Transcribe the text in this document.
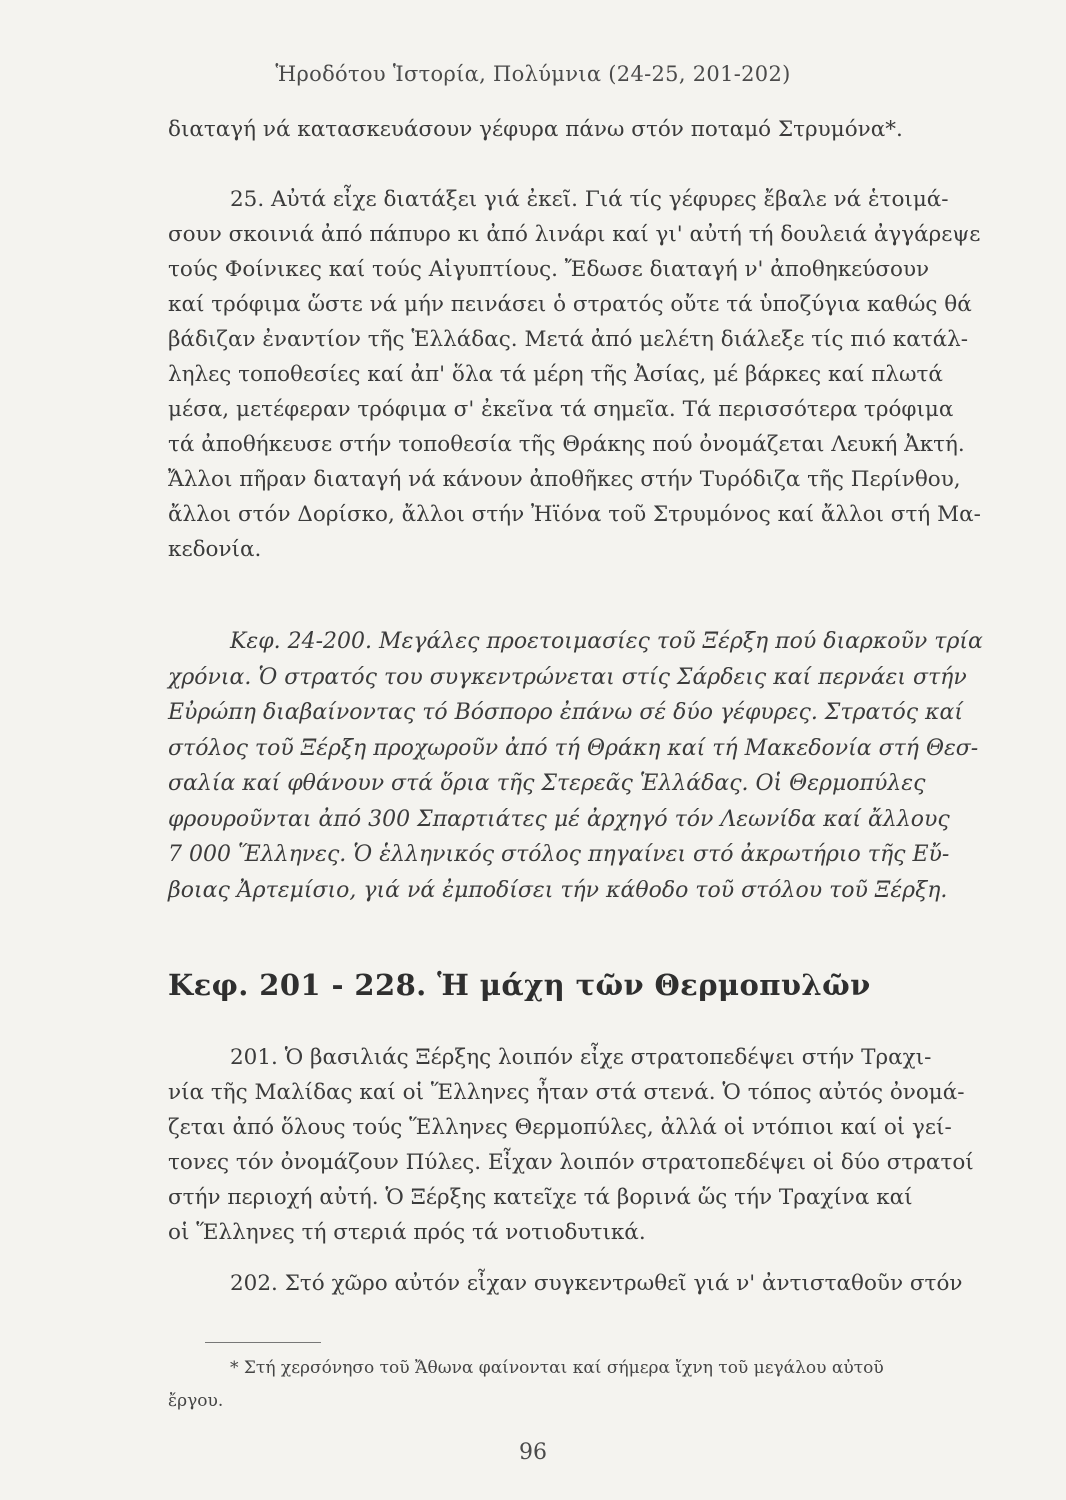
Ἡροδότου Ἱστορία, Πολύμνια (24-25, 201-202)
διαταγή νά κατασκευάσουν γέφυρα πάνω στόν ποταμό Στρυμόνα*.
25. Αὐτά εἶχε διατάξει γιά ἐκεῖ. Γιά τίς γέφυρες ἔβαλε νά ἑτοιμά-
σουν σκοινιά ἀπό πάπυρο κι ἀπό λινάρι καί γι' αὐτή τή δουλειά ἀγγάρεψε
τούς Φοίνικες καί τούς Αἰγυπτίους. Ἔδωσε διαταγή ν' ἀποθηκεύσουν
καί τρόφιμα ὥστε νά μήν πεινάσει ὁ στρατός οὔτε τά ὑποζύγια καθώς θά
βάδιζαν ἐναντίον τῆς Ἑλλάδας. Μετά ἀπό μελέτη διάλεξε τίς πιό κατάλ-
ληλες τοποθεσίες καί ἀπ' ὅλα τά μέρη τῆς Ἀσίας, μέ βάρκες καί πλωτά
μέσα, μετέφεραν τρόφιμα σ' ἐκεῖνα τά σημεῖα. Τά περισσότερα τρόφιμα
τά ἀποθήκευσε στήν τοποθεσία τῆς Θράκης πού ὀνομάζεται Λευκή Ἀκτή.
Ἄλλοι πῆραν διαταγή νά κάνουν ἀποθῆκες στήν Τυρόδιζα τῆς Περίνθου,
ἄλλοι στόν Δορίσκο, ἄλλοι στήν Ἠϊόνα τοῦ Στρυμόνος καί ἄλλοι στή Μα-
κεδονία.
Κεφ. 24-200. Μεγάλες προετοιμασίες τοῦ Ξέρξη πού διαρκοῦν τρία
χρόνια. Ὁ στρατός του συγκεντρώνεται στίς Σάρδεις καί περνάει στήν
Εὐρώπη διαβαίνοντας τό Βόσπορο ἐπάνω σέ δύο γέφυρες. Στρατός καί
στόλος τοῦ Ξέρξη προχωροῦν ἀπό τή Θράκη καί τή Μακεδονία στή Θεσ-
σαλία καί φθάνουν στά ὅρια τῆς Στερεᾶς Ἑλλάδας. Οἱ Θερμοπύλες
φρουροῦνται ἀπό 300 Σπαρτιάτες μέ ἀρχηγό τόν Λεωνίδα καί ἄλλους
7 000 Ἕλληνες. Ὁ ἑλληνικός στόλος πηγαίνει στό ἀκρωτήριο τῆς Εὔ-
βοιας Ἀρτεμίσιο, γιά νά ἐμποδίσει τήν κάθοδο τοῦ στόλου τοῦ Ξέρξη.
Κεφ. 201 - 228. Ἡ μάχη τῶν Θερμοπυλῶν
201. Ὁ βασιλιάς Ξέρξης λοιπόν εἶχε στρατοπεδέψει στήν Τραχι-
νία τῆς Μαλίδας καί οἱ Ἕλληνες ἦταν στά στενά. Ὁ τόπος αὐτός ὀνομά-
ζεται ἀπό ὅλους τούς Ἕλληνες Θερμοπύλες, ἀλλά οἱ ντόπιοι καί οἱ γεί-
τονες τόν ὀνομάζουν Πύλες. Εἶχαν λοιπόν στρατοπεδέψει οἱ δύο στρατοί
στήν περιοχή αὐτή. Ὁ Ξέρξης κατεῖχε τά βορινά ὥς τήν Τραχίνα καί
οἱ Ἕλληνες τή στεριά πρός τά νοτιοδυτικά.
202. Στό χῶρο αὐτόν εἶχαν συγκεντρωθεῖ γιά ν' ἀντισταθοῦν στόν
* Στή χερσόνησο τοῦ Ἄθωνα φαίνονται καί σήμερα ἴχνη τοῦ μεγάλου αὐτοῦ
ἔργου.
96
